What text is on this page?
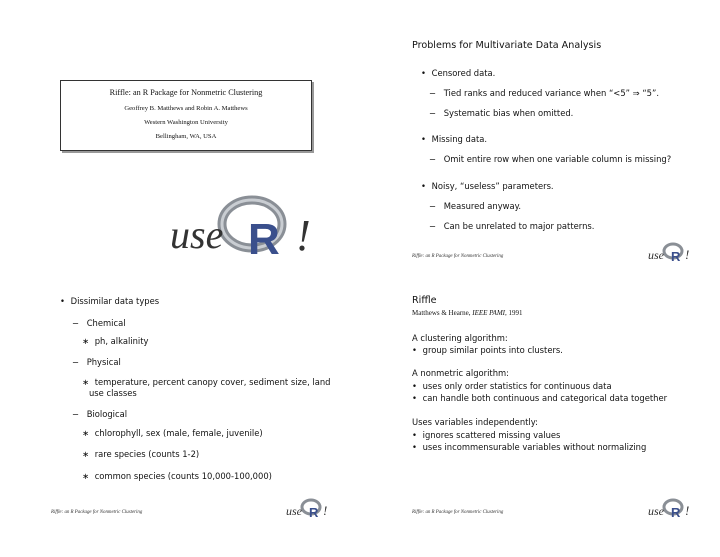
Riffle: an R Package for Nonmetric Clustering
Geoffrey B. Matthews and Robin A. Matthews
Western Washington University
Bellingham, WA, USA
use R !
Problems for Multivariate Data Analysis
• Censored data.
− Tied ranks and reduced variance when “<5” ⇒ “5”.
− Systematic bias when omitted.
• Missing data.
− Omit entire row when one variable column is missing?
• Noisy, “useless” parameters.
− Measured anyway.
− Can be unrelated to major patterns.
Riffle: an R Package for Nonmetric Clustering	use R !
• Dissimilar data types
− Chemical
∗ ph, alkalinity
− Physical
∗ temperature, percent canopy cover, sediment size, land
use classes
− Biological
∗ chlorophyll, sex (male, female, juvenile)
∗ rare species (counts 1-2)
∗ common species (counts 10,000-100,000)
Riffle: an R Package for Nonmetric Clustering	use R !
Riffle
Matthews & Hearne, IEEE PAMI, 1991
A clustering algorithm:
• group similar points into clusters.
A nonmetric algorithm:
• uses only order statistics for continuous data
• can handle both continuous and categorical data together
Uses variables independently:
• ignores scattered missing values
• uses incommensurable variables without normalizing
Riffle: an R Package for Nonmetric Clustering	use R !
